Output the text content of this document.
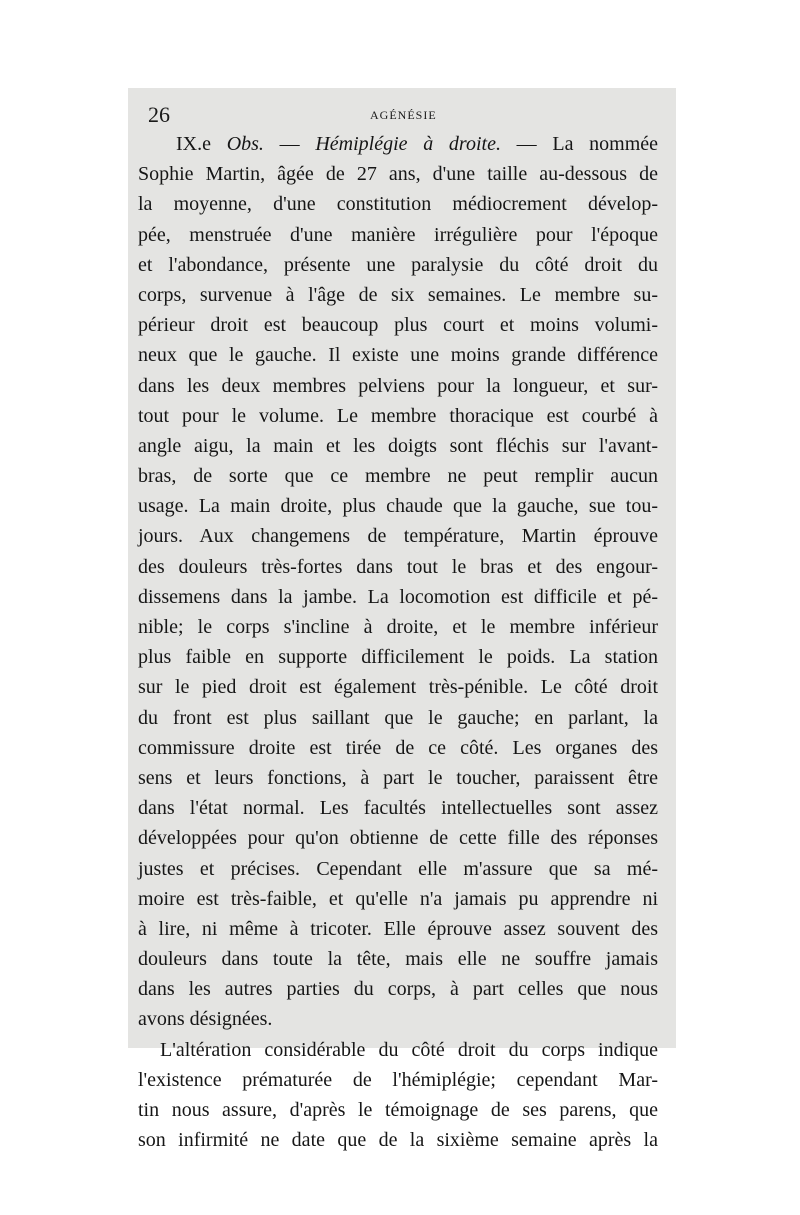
26	AGÉNÉSIE
IX.e Obs. — Hémiplégie à droite. — La nommée
Sophie Martin, âgée de 27 ans, d'une taille au-dessous de
la moyenne, d'une constitution médiocrement dévelop-
pée, menstruée d'une manière irrégulière pour l'époque
et l'abondance, présente une paralysie du côté droit du
corps, survenue à l'âge de six semaines. Le membre su-
périeur droit est beaucoup plus court et moins volumi-
neux que le gauche. Il existe une moins grande différence
dans les deux membres pelviens pour la longueur, et sur-
tout pour le volume. Le membre thoracique est courbé à
angle aigu, la main et les doigts sont fléchis sur l'avant-
bras, de sorte que ce membre ne peut remplir aucun
usage. La main droite, plus chaude que la gauche, sue tou-
jours. Aux changemens de température, Martin éprouve
des douleurs très-fortes dans tout le bras et des engour-
dissemens dans la jambe. La locomotion est difficile et pé-
nible; le corps s'incline à droite, et le membre inférieur
plus faible en supporte difficilement le poids. La station
sur le pied droit est également très-pénible. Le côté droit
du front est plus saillant que le gauche; en parlant, la
commissure droite est tirée de ce côté. Les organes des
sens et leurs fonctions, à part le toucher, paraissent être
dans l'état normal. Les facultés intellectuelles sont assez
développées pour qu'on obtienne de cette fille des réponses
justes et précises. Cependant elle m'assure que sa mé-
moire est très-faible, et qu'elle n'a jamais pu apprendre ni
à lire, ni même à tricoter. Elle éprouve assez souvent des
douleurs dans toute la tête, mais elle ne souffre jamais
dans les autres parties du corps, à part celles que nous
avons désignées.
L'altération considérable du côté droit du corps indique
l'existence prématurée de l'hémiplégie; cependant Mar-
tin nous assure, d'après le témoignage de ses parens, que
son infirmité ne date que de la sixième semaine après la
